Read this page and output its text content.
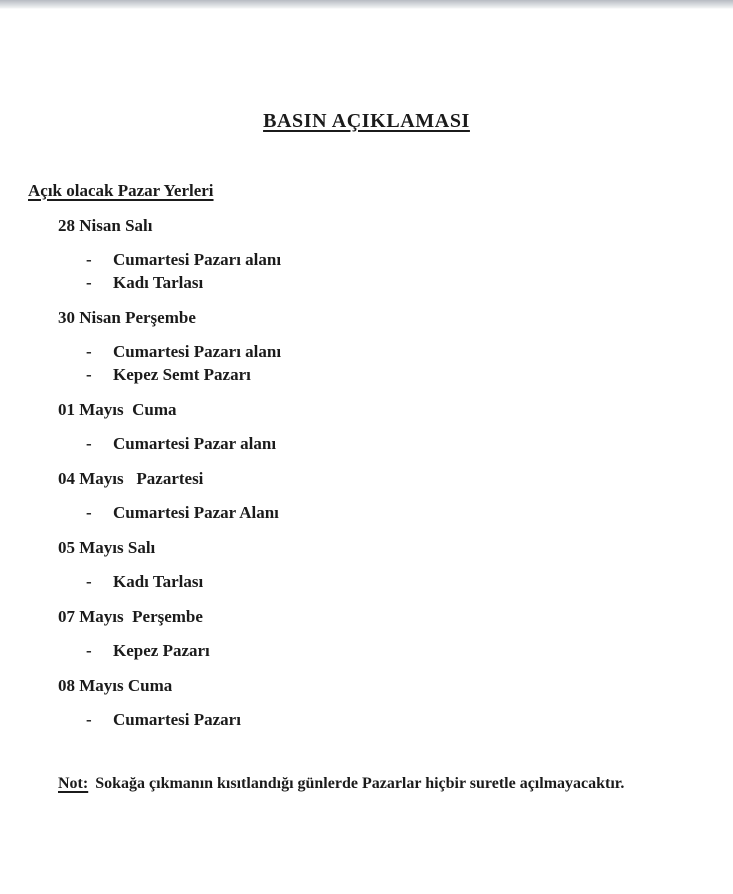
BASIN AÇIKLAMASI
Açık olacak Pazar Yerleri
28 Nisan Salı
-	Cumartesi Pazarı alanı
-	Kadı Tarlası
30 Nisan Perşembe
-	Cumartesi Pazarı alanı
-	Kepez Semt Pazarı
01 Mayıs  Cuma
-	Cumartesi Pazar alanı
04 Mayıs   Pazartesi
-	Cumartesi Pazar Alanı
05 Mayıs Salı
-	Kadı Tarlası
07 Mayıs  Perşembe
-	Kepez Pazarı
08 Mayıs Cuma
-	Cumartesi Pazarı

Not: Sokağa çıkmanın kısıtlandığı günlerde Pazarlar hiçbir suretle açılmayacaktır.
